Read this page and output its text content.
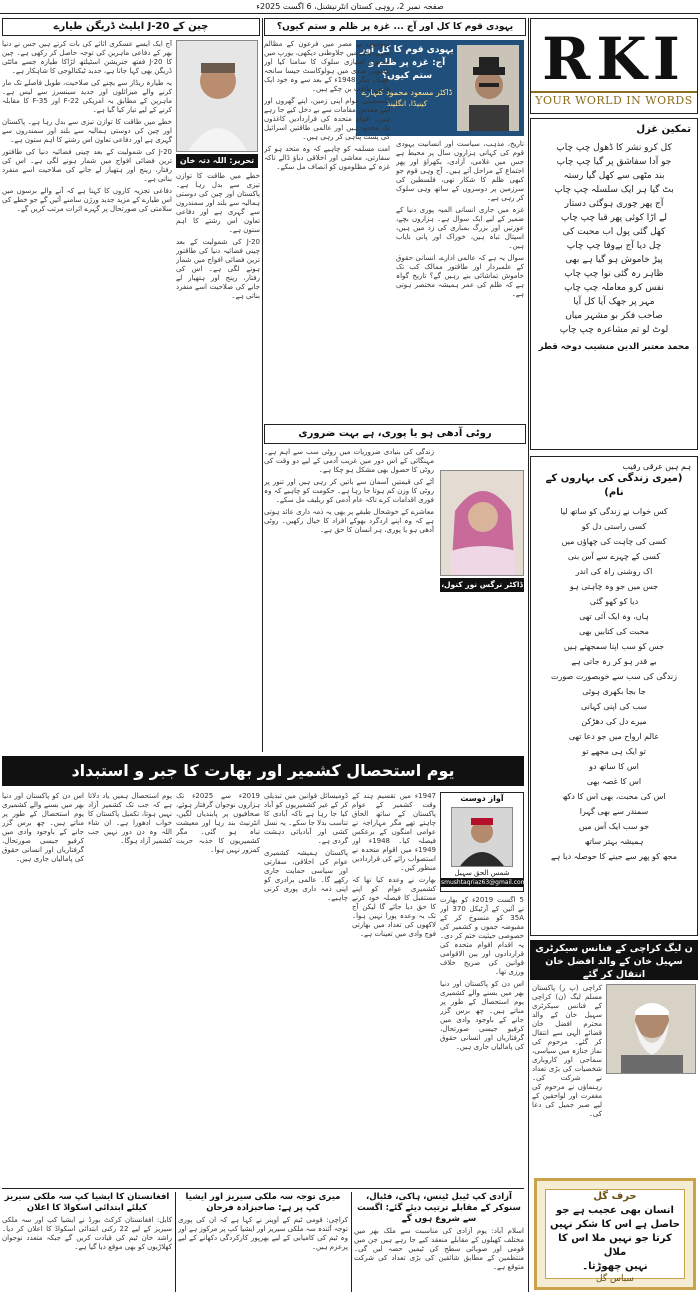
صفحہ نمبر 2، روہی کستان انٹرنیشنل، 6 اگست 2025ء
RKI
YOUR WORLD IN WORDS
تمکین غزل
کل کرو نشر کا ڈھول چپ چاپ
جو آدا سفاشق پر گیا چپ چاپ
بند مٹھی سے کھل گیا رستہ
بٹ گیا ہر ایک سلسلہ چپ چاپ
آج پھر چوری ہوگئی دستار
لے اڑا کوئی پھر قبا چپ چاپ
کھل گئی پول اب محبت کی
چل دیا آج بےوفا چپ چاپ
پیڑ خاموش ہو گیا ہے بھی
ظاہر رہ گئی نوا چپ چاپ
نفس کرو معاملہ چپ چاپ
مہر پر جھک آیا کل آیا
صاحب فکر بو مشہر میاں
لوٹ لو تم مشاعرہ چپ چاپ
محمد معتبر الدین منشیب دوحہ قطر
ہم ہیں عرقی رقیب
(میری زندگی کی بہاروں کے نام)
کس خواب نے زندگی کو ساتھ لیا
کسی راستی دل کو
کسی کی چاہت کی چھاؤں میں
کسی کے چہرے سے آس بنی
اک روشنی راہ کی اندر
جس میں جو وہ چاہتی ہو
دیا کو کھو گئی
ہاں، وہ ایک آئی تھی
محبت کی کتابیں بھی
جس کو سب اپنا سمجھتے ہیں
بے قدر ہو کر رہ جاتی ہے
زندگی کی سب سے خوبصورت صورت
جا بجا بکھری ہوئی
سب کی اپنی کہانی
میرے دل کی دھڑکن
عالم ارواح میں جو دعا تھی
تو ایک ہی مجھے تو
اس کا ساتھ دو
اس کا غصہ بھی
اس کی محبت، بھی اس کا دکھ
سمندر سے بھی گہرا
جو سب ایک آس میں
ہمیشہ بہتر ساتھ
مجھ کو پھر سے جینے کا حوصلہ دیا ہے
ن لیگ کراچی کے فنانس سیکرٹری سہیل خان کے والد افضل خان انتقال کر گئے
کراچی (پ ر) پاکستان مسلم لیگ (ن) کراچی کے فنانس سیکرٹری سہیل خان کے والد محترم افضل خان قضائے الٰہی سے انتقال کر گئے۔ مرحوم کی نماز جنازہ میں سیاسی، سماجی اور کاروباری شخصیات کی بڑی تعداد نے شرکت کی۔ رہنماؤں نے مرحوم کی مغفرت اور لواحقین کے لیے صبر جمیل کی دعا کی۔
حرف گل
انسان بھی عجیب ہے جو
حاصل ہے اس کا شکر نہیں
کرتا جو نہیں ملا اس کا ملال
نہیں چھوڑتا۔
سباس گل
یہودی قوم کا کل اور آج ... غزہ پر ظلم و ستم کیوں؟
یہودی قوم کا کل اور آج: غزہ پر ظلم و ستم کیوں؟
ڈاکٹر مسعود محمود کٹہارے
کینیڈا، انگلینڈ

تاریخ، مذہب، سیاست اور انسانیت یہودی قوم کی کہانی ہزاروں سال پر محیط ہے جس میں غلامی، آزادی، بکھراؤ اور پھر اجتماع کے مراحل آتے ہیں۔ آج وہی قوم جو کبھی ظلم کا شکار تھی، فلسطین کی سرزمین پر دوسروں کے ساتھ وہی سلوک کر رہی ہے۔

غزہ میں جاری انسانی المیہ پوری دنیا کے ضمیر کے لیے ایک سوال ہے۔ ہزاروں بچے، عورتیں اور بزرگ بمباری کی زد میں ہیں، اسپتال تباہ ہیں، خوراک اور پانی نایاب ہیں۔

سوال یہ ہے کہ عالمی ادارے، انسانی حقوق کے علمبردار اور طاقتور ممالک کب تک خاموش تماشائی بنے رہیں گے؟ تاریخ گواہ ہے کہ ظلم کی عمر ہمیشہ مختصر ہوتی ہے۔

یہودیوں نے مصر میں فرعون کے مظالم سہے، بابل میں جلاوطنی دیکھی، یورپ میں صدیوں امتیازی سلوک کا سامنا کیا اور بیسویں صدی میں ہولوکاسٹ جیسا سانحہ جھیلا۔ مگر 1948ء کے بعد سے وہ خود ایک قابض طاقت بن چکے ہیں۔

فلسطینی عوام اپنی زمین، اپنے گھروں اور اپنے مقدس مقامات سے بے دخل کیے جا رہے ہیں۔ اقوام متحدہ کی قراردادیں کاغذوں تک محدود ہیں اور عالمی طاقتیں اسرائیل کی پشت پناہی کر رہی ہیں۔

امت مسلمہ کو چاہیے کہ وہ متحد ہو کر سفارتی، معاشی اور اخلاقی دباؤ ڈالے تاکہ غزہ کے مظلوموں کو انصاف مل سکے۔

روٹی آدھی ہو یا پوری، ہے بہت ضروری
ڈاکٹر نرگس نور کنول، لاہور

زندگی کی بنیادی ضروریات میں روٹی سب سے اہم ہے۔ مہنگائی کے اس دور میں غریب آدمی کے لیے دو وقت کی روٹی کا حصول بھی مشکل ہو چکا ہے۔

آٹے کی قیمتیں آسمان سے باتیں کر رہی ہیں اور تنور پر روٹی کا وزن کم ہوتا جا رہا ہے۔ حکومت کو چاہیے کہ وہ فوری اقدامات کرے تاکہ عام آدمی کو ریلیف مل سکے۔

معاشرے کے خوشحال طبقے پر بھی یہ ذمہ داری عائد ہوتی ہے کہ وہ اپنے اردگرد بھوکے افراد کا خیال رکھیں۔ روٹی آدھی ہو یا پوری، ہر انسان کا حق ہے۔

چین کے J-20 ایلیٹ ڈریگن طیارے
تحریر: اللہ دتہ خان

آج ایک ایسے عسکری اثاثے کی بات کرتے ہیں جس نے دنیا بھر کے دفاعی ماہرین کی توجہ حاصل کر رکھی ہے۔ چین کا J-20 ففتھ جنریشن اسٹیلتھ لڑاکا طیارہ جسے مائٹی ڈریگن بھی کہا جاتا ہے، جدید ٹیکنالوجی کا شاہکار ہے۔

یہ طیارہ ریڈار سے بچنے کی صلاحیت، طویل فاصلے تک مار کرنے والے میزائلوں اور جدید سینسرز سے لیس ہے۔ ماہرین کے مطابق یہ امریکی F-22 اور F-35 کا مقابلہ کرنے کے لیے تیار کیا گیا ہے۔

خطے میں طاقت کا توازن تیزی سے بدل رہا ہے۔ پاکستان اور چین کی دوستی ہمالیہ سے بلند اور سمندروں سے گہری ہے اور دفاعی تعاون اس رشتے کا اہم ستون ہے۔

J-20 کی شمولیت کے بعد چینی فضائیہ دنیا کی طاقتور ترین فضائی افواج میں شمار ہونے لگی ہے۔ اس کی رفتار، رینج اور ہتھیار لے جانے کی صلاحیت اسے منفرد بناتی ہے۔

دفاعی تجزیہ کاروں کا کہنا ہے کہ آنے والے برسوں میں اس طیارے کے مزید جدید ورژن سامنے آئیں گے جو خطے کی سلامتی کی صورتحال پر گہرے اثرات مرتب کریں گے۔

خطے میں طاقت کا توازن تیزی سے بدل رہا ہے۔ پاکستان اور چین کی دوستی ہمالیہ سے بلند اور سمندروں سے گہری ہے اور دفاعی تعاون اس رشتے کا اہم ستون ہے۔

J-20 کی شمولیت کے بعد چینی فضائیہ دنیا کی طاقتور ترین فضائی افواج میں شمار ہونے لگی ہے۔ اس کی رفتار، رینج اور ہتھیار لے جانے کی صلاحیت اسے منفرد بناتی ہے۔

یوم استحصال کشمیر اور بھارت کا جبر و استبداد
آواز دوست
شمس الحق سہیل
smushtaqriaz63@gmail.com

5 اگست 2019ء کو بھارت نے آئین کے آرٹیکل 370 اور 35A کو منسوخ کر کے مقبوضہ جموں و کشمیر کی خصوصی حیثیت ختم کر دی۔ یہ اقدام اقوام متحدہ کی قراردادوں اور بین الاقوامی قوانین کی صریح خلاف ورزی تھا۔

اس دن کو پاکستان اور دنیا بھر میں بسنے والے کشمیری یوم استحصال کے طور پر مناتے ہیں۔ چھ برس گزر جانے کے باوجود وادی میں کرفیو جیسی صورتحال، گرفتاریاں اور انسانی حقوق کی پامالیاں جاری ہیں۔

1947ء میں تقسیم ہند کے وقت کشمیر کے عوام پاکستان کے ساتھ الحاق چاہتے تھے مگر مہاراجہ نے عوامی امنگوں کے برعکس فیصلہ کیا۔ 1948ء اور 1949ء میں اقوام متحدہ نے استصواب رائے کی قراردادیں منظور کیں۔

بھارت نے وعدہ کیا تھا کہ کشمیری عوام کو اپنے مستقبل کا فیصلہ خود کرنے کا حق دیا جائے گا لیکن آج تک یہ وعدہ پورا نہیں ہوا۔ لاکھوں کی تعداد میں بھارتی فوج وادی میں تعینات ہے۔

ڈومیسائل قوانین میں تبدیلی کر کے غیر کشمیریوں کو آباد کیا جا رہا ہے تاکہ آبادی کا تناسب بدلا جا سکے۔ یہ نسل کشی اور آبادیاتی دہشت گردی ہے۔

پاکستان ہمیشہ کشمیری عوام کی اخلاقی، سفارتی اور سیاسی حمایت جاری رکھے گا۔ عالمی برادری کو اپنی ذمہ داری پوری کرنی چاہیے۔

2019ء سے 2025ء تک ہزاروں نوجوان گرفتار ہوئے، صحافیوں پر پابندیاں لگیں، انٹرنیٹ بند رہا اور معیشت تباہ ہو گئی۔ مگر کشمیریوں کا جذبہ حریت کمزور نہیں ہوا۔

یوم استحصال ہمیں یاد دلاتا ہے کہ جب تک کشمیر آزاد نہیں ہوتا، تکمیل پاکستان کا خواب ادھورا ہے۔ ان شاء اللہ وہ دن دور نہیں جب کشمیر آزاد ہوگا۔

اس دن کو پاکستان اور دنیا بھر میں بسنے والے کشمیری یوم استحصال کے طور پر مناتے ہیں۔ چھ برس گزر جانے کے باوجود وادی میں کرفیو جیسی صورتحال، گرفتاریاں اور انسانی حقوق کی پامالیاں جاری ہیں۔

آزادی کپ ٹیبل ٹینس، ہاکی، فٹبال، سنوکر کے مقابلے ترتیب دیئے گئے: اگست سے شروع ہوں گے
اسلام آباد: یوم آزادی کی مناسبت سے ملک بھر میں مختلف کھیلوں کے مقابلے منعقد کیے جا رہے ہیں جن میں قومی اور صوبائی سطح کی ٹیمیں حصہ لیں گی۔ منتظمین کے مطابق شائقین کی بڑی تعداد کی شرکت متوقع ہے۔
میری توجہ سہ ملکی سیریز اور ایشیا کپ پر ہے: صاحبزادہ فرحان
کراچی: قومی ٹیم کے اوپنر نے کہا ہے کہ ان کی پوری توجہ آئندہ سہ ملکی سیریز اور ایشیا کپ پر مرکوز ہے اور وہ ٹیم کی کامیابی کے لیے بھرپور کارکردگی دکھانے کے لیے پرعزم ہیں۔
افغانستان کا ایشیا کپ سہ ملکی سیریز کیلئے ابتدائی اسکواڈ کا اعلان
کابل: افغانستان کرکٹ بورڈ نے ایشیا کپ اور سہ ملکی سیریز کے لیے 22 رکنی ابتدائی اسکواڈ کا اعلان کر دیا۔ راشد خان ٹیم کی قیادت کریں گے جبکہ متعدد نوجوان کھلاڑیوں کو بھی موقع دیا گیا ہے۔
